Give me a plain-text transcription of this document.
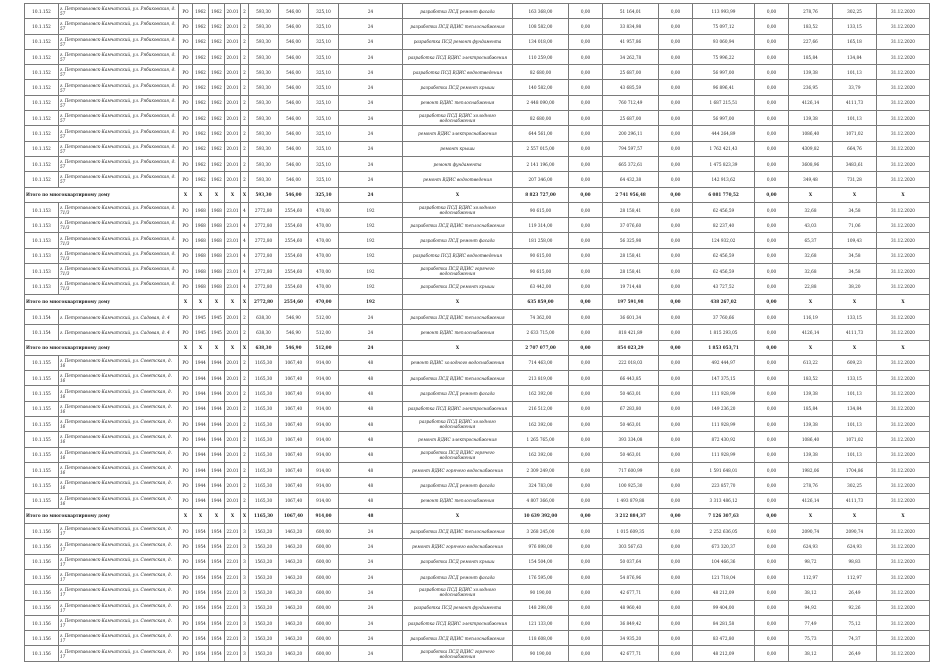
10.1.152	г. Петропавловск-Камчатский, ул. Рябиковская, д. 57	РО	1962	1962	20.01	2	593,30	546,00	325,10	24	разработка ПСД ремонт фасада	163 368,00	0,00	51 164,01	0,00	113 993,99	0,00	278,76	302,25	31.12.2020
10.1.152	г. Петропавловск-Камчатский, ул. Рябиковская, д. 57	РО	1962	1962	20.01	2	593,30	546,00	325,10	24	разработка ПСД ВДИС теплоснабжения	108 582,00	0,00	33 834,98	0,00	75 097,12	0,00	183,52	133,15	31.12.2020
10.1.152	г. Петропавловск-Камчатский, ул. Рябиковская, д. 57	РО	1962	1962	20.01	2	593,30	546,00	325,10	24	разработка ПСД ремонт фундамента	134 018,00	0,00	41 957,86	0,00	93 060,94	0,00	227,66	165,18	31.12.2020
10.1.152	г. Петропавловск-Камчатский, ул. Рябиковская, д. 57	РО	1962	1962	20.01	2	593,30	546,00	325,10	24	разработка ПСД ВДИС электроснабжения	110 259,00	0,00	34 262,78	0,00	75 996,22	0,00	185,84	134,84	31.12.2020
10.1.152	г. Петропавловск-Камчатский, ул. Рябиковская, д. 57	РО	1962	1962	20.01	2	593,30	546,00	325,10	24	разработка ПСД ВДИС водоотведения	82 680,00	0,00	25 687,00	0,00	56 997,00	0,00	139,38	101,13	31.12.2020
10.1.152	г. Петропавловск-Камчатский, ул. Рябиковская, д. 57	РО	1962	1962	20.01	2	593,30	546,00	325,10	24	разработка ПСД ремонт крыши	140 582,00	0,00	43 685,59	0,00	96 896,41	0,00	236,95	33,79	31.12.2020
10.1.152	г. Петропавловск-Камчатский, ул. Рябиковская, д. 57	РО	1962	1962	20.01	2	593,30	546,00	325,10	24	ремонт ВДИС теплоснабжения	2 448 090,00	0,00	760 712,49	0,00	1 687 215,51	0,00	4126,14	4111,73	31.12.2020
10.1.152	г. Петропавловск-Камчатский, ул. Рябиковская, д. 57	РО	1962	1962	20.01	2	593,30	546,00	325,10	24	разработка ПСД ВДИС холодного водоснабжения	82 680,00	0,00	25 687,00	0,00	56 997,00	0,00	139,38	101,13	31.12.2020
10.1.152	г. Петропавловск-Камчатский, ул. Рябиковская, д. 57	РО	1962	1962	20.01	2	593,30	546,00	325,10	24	ремонт ВДИС электроснабжения	644 561,00	0,00	200 296,11	0,00	444 264,89	0,00	1086,40	1071,02	31.12.2020
10.1.152	г. Петропавловск-Камчатский, ул. Рябиковская, д. 57	РО	1962	1962	20.01	2	593,30	546,00	325,10	24	ремонт крыши	2 557 015,00	0,00	794 597,57	0,00	1 762 421,43	0,00	4309,82	664,76	31.12.2020
10.1.152	г. Петропавловск-Камчатский, ул. Рябиковская, д. 57	РО	1962	1962	20.01	2	593,30	546,00	325,10	24	ремонт фундамента	2 141 196,00	0,00	665 372,61	0,00	1 475 823,39	0,00	3608,96	3483,61	31.12.2020
10.1.152	г. Петропавловск-Камчатский, ул. Рябиковская, д. 57	РО	1962	1962	20.01	2	593,30	546,00	325,10	24	ремонт ВДИС водоотведения	207 346,00	0,00	64 432,38	0,00	142 913,62	0,00	349,48	731,28	31.12.2020
Итого по многоквартирному дому		X	X	X	X	X	593,30	546,00	325,10	24	X	8 823 727,00	0,00	2 741 956,48	0,00	6 081 770,52	0,00	X	X	X
10.1.153	г. Петропавловск-Камчатский, ул. Рябиковская, д. 71/3	РО	1968	1968	23.01	4	2772,80	2554,60	470,00	192	разработка ПСД ВДИС холодного водоснабжения	90 615,00	0,00	28 158,41	0,00	62 456,59	0,00	32,68	34,58	31.12.2020
10.1.153	г. Петропавловск-Камчатский, ул. Рябиковская, д. 71/3	РО	1968	1968	23.01	4	2772,80	2554,60	470,00	192	разработка ПСД ВДИС теплоснабжения	119 314,00	0,00	37 076,60	0,00	82 237,40	0,00	43,03	71,06	31.12.2020
10.1.153	г. Петропавловск-Камчатский, ул. Рябиковская, д. 71/3	РО	1968	1968	23.01	4	2772,80	2554,60	470,00	192	разработка ПСД ремонт фасада	181 258,00	0,00	56 325,98	0,00	124 932,02	0,00	65,37	109,43	31.12.2020
10.1.153	г. Петропавловск-Камчатский, ул. Рябиковская, д. 71/3	РО	1968	1968	23.01	4	2772,80	2554,60	470,00	192	разработка ПСД ВДИС водоотведения	90 615,00	0,00	28 158,41	0,00	62 456,59	0,00	32,68	34,58	31.12.2020
10.1.153	г. Петропавловск-Камчатский, ул. Рябиковская, д. 71/3	РО	1968	1968	23.01	4	2772,80	2554,60	470,00	192	разработка ПСД ВДИС горячего водоснабжения	90 615,00	0,00	28 158,41	0,00	62 456,59	0,00	32,68	34,58	31.12.2020
10.1.153	г. Петропавловск-Камчатский, ул. Рябиковская, д. 71/3	РО	1968	1968	23.01	4	2772,80	2554,60	470,00	192	разработка ПСД ремонт крыши	63 442,00	0,00	19 714,48	0,00	43 727,52	0,00	22,88	38,20	31.12.2020
Итого по многоквартирному дому		X	X	X	X	X	2772,80	2554,60	470,00	192	X	635 859,00	0,00	197 591,98	0,00	438 267,02	0,00	X	X	X
10.1.154	г. Петропавловск-Камчатский, ул. Садовая, д. 4	РО	1945	1945	20.01	2	638,30	546,90	512,00	24	разработка ПСД ВДИС теплоснабжения	74 362,00	0,00	36 601,34	0,00	37 760,66	0,00	116,19	133,15	31.12.2020
10.1.154	г. Петропавловск-Камчатский, ул. Садовая, д. 4	РО	1945	1945	20.01	2	638,30	546,90	512,00	24	ремонт ВДИС теплоснабжения	2 633 715,00	0,00	818 421,89	0,00	1 815 293,05	0,00	4126,14	4111,73	31.12.2020
Итого по многоквартирному дому		X	X	X	X	X	638,30	546,90	512,00	24	X	2 707 077,00	0,00	854 023,29	0,00	1 853 053,71	0,00	X	X	X
10.1.155	г. Петропавловск-Камчатский, ул. Советская, д. 16	РО	1944	1944	20.01	2	1165,30	1067,40	914,00	48	ремонт ВДИС холодного водоснабжения	714 463,00	0,00	222 018,03	0,00	492 444,97	0,00	613,22	609,23	31.12.2020
10.1.155	г. Петропавловск-Камчатский, ул. Советская, д. 16	РО	1944	1944	20.01	2	1165,30	1067,40	914,00	48	разработка ПСД ВДИС теплоснабжения	213 819,00	0,00	66 443,85	0,00	147 375,15	0,00	183,52	133,15	31.12.2020
10.1.155	г. Петропавловск-Камчатский, ул. Советская, д. 16	РО	1944	1944	20.01	2	1165,30	1067,40	914,00	48	разработка ПСД ремонт фасада	162 392,00	0,00	50 463,01	0,00	111 928,99	0,00	139,38	101,13	31.12.2020
10.1.155	г. Петропавловск-Камчатский, ул. Советская, д. 16	РО	1944	1944	20.01	2	1165,30	1067,40	914,00	48	разработка ПСД ВДИС электроснабжения	216 512,00	0,00	67 283,80	0,00	149 236,20	0,00	185,84	134,84	31.12.2020
10.1.155	г. Петропавловск-Камчатский, ул. Советская, д. 16	РО	1944	1944	20.01	2	1165,30	1067,40	914,00	48	разработка ПСД ВДИС холодного водоснабжения	162 392,00	0,00	50 463,01	0,00	111 928,99	0,00	139,38	101,13	31.12.2020
10.1.155	г. Петропавловск-Камчатский, ул. Советская, д. 16	РО	1944	1944	20.01	2	1165,30	1067,40	914,00	48	ремонт ВДИС электроснабжения	1 265 765,00	0,00	393 334,08	0,00	872 430,92	0,00	1086,40	1071,02	31.12.2020
10.1.155	г. Петропавловск-Камчатский, ул. Советская, д. 16	РО	1944	1944	20.01	2	1165,30	1067,40	914,00	48	разработка ПСД ВДИС горячего водоснабжения	162 392,00	0,00	50 463,01	0,00	111 928,99	0,00	139,38	101,13	31.12.2020
10.1.155	г. Петропавловск-Камчатский, ул. Советская, д. 16	РО	1944	1944	20.01	2	1165,30	1067,40	914,00	48	ремонт ВДИС горячего водоснабжения	2 309 249,00	0,00	717 600,99	0,00	1 591 648,01	0,00	1982,06	1704,86	31.12.2020
10.1.155	г. Петропавловск-Камчатский, ул. Советская, д. 16	РО	1944	1944	20.01	2	1165,30	1067,40	914,00	48	разработка ПСД ремонт фасада	324 783,00	0,00	100 925,30	0,00	223 857,70	0,00	278,76	302,25	31.12.2020
10.1.155	г. Петропавловск-Камчатский, ул. Советская, д. 16	РО	1944	1944	20.01	2	1165,30	1067,40	914,00	48	ремонт ВДИС теплоснабжения	4 807 366,00	0,00	1 493 879,88	0,00	3 313 486,12	0,00	4126,14	4111,73	31.12.2020
Итого по многоквартирному дому		X	X	X	X	X	1165,30	1067,40	914,00	48	X	10 639 392,00	0,00	3 212 884,37	0,00	7 126 307,63	0,00	X	X	X
10.1.156	г. Петропавловск-Камчатский, ул. Советская, д. 17	РО	1954	1954	22.01	3	1563,20	1463,20	600,00	24	разработка ПСД ВДИС теплоснабжения	3 268 245,00	0,00	1 015 609,35	0,00	2 252 636,05	0,00	2090,74	2090,74	31.12.2020
10.1.156	г. Петропавловск-Камчатский, ул. Советская, д. 17	РО	1954	1954	22.01	3	1563,20	1463,20	600,00	24	ремонт ВДИС горячего водоснабжения	976 898,00	0,00	303 567,63	0,00	673 320,37	0,00	624,93	624,93	31.12.2020
10.1.156	г. Петропавловск-Камчатский, ул. Советская, д. 17	РО	1954	1954	22.01	3	1563,20	1463,20	600,00	24	разработка ПСД ремонт крыши	154 504,00	0,00	50 037,64	0,00	104 466,36	0,00	98,72	98,83	31.12.2020
10.1.156	г. Петропавловск-Камчатский, ул. Советская, д. 17	РО	1954	1954	22.01	3	1563,20	1463,20	600,00	24	разработка ПСД ремонт фасада	176 595,00	0,00	54 876,96	0,00	121 718,04	0,00	112,97	112,97	31.12.2020
10.1.156	г. Петропавловск-Камчатский, ул. Советская, д. 17	РО	1954	1954	22.01	3	1563,20	1463,20	600,00	24	разработка ПСД ВДИС холодного водоснабжения	90 190,00	0,00	42 677,71	0,00	48 212,09	0,00	38,12	26,49	31.12.2020
10.1.156	г. Петропавловск-Камчатский, ул. Советская, д. 17	РО	1954	1954	22.01	3	1563,20	1463,20	600,00	24	разработка ПСД ремонт фундамента	148 298,00	0,00	48 960,40	0,00	99 404,00	0,00	94,92	92,26	31.12.2020
10.1.156	г. Петропавловск-Камчатский, ул. Советская, д. 17	РО	1954	1954	22.01	3	1563,20	1463,20	600,00	24	разработка ПСД ВДИС электроснабжения	121 133,00	0,00	36 849,42	0,00	84 281,58	0,00	77,49	75,12	31.12.2020
10.1.156	г. Петропавловск-Камчатский, ул. Советская, д. 17	РО	1954	1954	22.01	3	1563,20	1463,20	600,00	24	разработка ПСД ВДИС теплоснабжения	118 608,00	0,00	34 935,20	0,00	83 472,80	0,00	75,73	74,37	31.12.2020
10.1.156	г. Петропавловск-Камчатский, ул. Советская, д. 17	РО	1954	1954	22.01	3	1563,20	1463,20	600,00	24	разработка ПСД ВДИС горячего водоснабжения	90 190,00	0,00	42 677,71	0,00	48 212,09	0,00	38,12	26,49	31.12.2020
